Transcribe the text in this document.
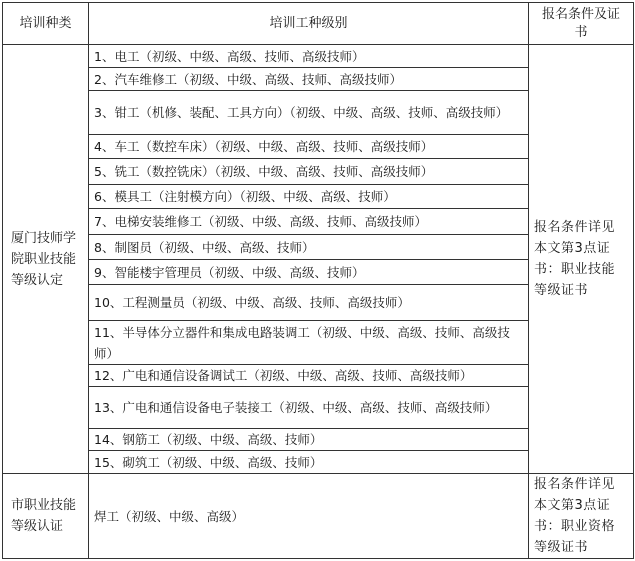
培训种类	培训工种级别	报名条件及证书
厦门技师学院职业技能等级认定	1、电工（初级、中级、高级、技师、高级技师）	报名条件详见本文第3点证书：职业技能等级证书
	2、汽车维修工（初级、中级、高级、技师、高级技师）	
	3、钳工（机修、装配、工具方向）（初级、中级、高级、技师、高级技师）	
	4、车工（数控车床）（初级、中级、高级、技师、高级技师）	
	5、铣工（数控铣床）（初级、中级、高级、技师、高级技师）	
	6、模具工（注射模方向）（初级、中级、高级、技师）	
	7、电梯安装维修工（初级、中级、高级、技师、高级技师）	
	8、制图员（初级、中级、高级、技师）	
	9、智能楼宇管理员（初级、中级、高级、技师）	
	10、工程测量员（初级、中级、高级、技师、高级技师）	
	11、半导体分立器件和集成电路装调工（初级、中级、高级、技师、高级技师）	
	12、广电和通信设备调试工（初级、中级、高级、技师、高级技师）	
	13、广电和通信设备电子装接工（初级、中级、高级、技师、高级技师）	
	14、钢筋工（初级、中级、高级、技师）	
	15、砌筑工（初级、中级、高级、技师）	
市职业技能等级认证	焊工（初级、中级、高级）	报名条件详见本文第3点证书：职业资格等级证书
